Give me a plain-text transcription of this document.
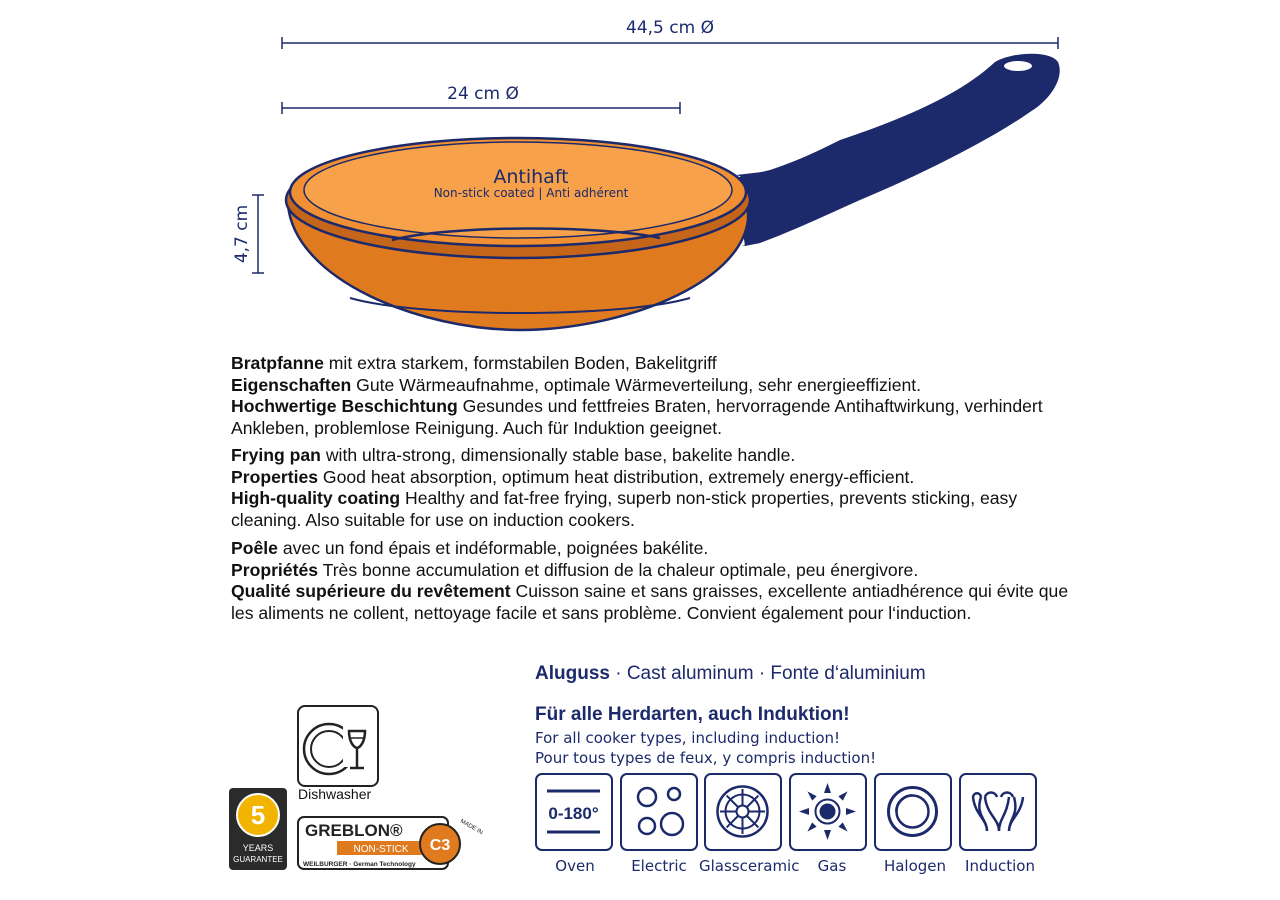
44,5 cm Ø
24 cm Ø
4,7 cm
Antihaft
Non-stick coated | Anti adhérent

Bratpfanne mit extra starkem, formstabilen Boden, Bakelitgriff

Eigenschaften Gute Wärmeaufnahme, optimale Wärmeverteilung, sehr energieeffizient.

Hochwertige Beschichtung Gesundes und fettfreies Braten, hervorragende Antihaftwirkung, verhindert Ankleben, problemlose Reinigung. Auch für Induktion geeignet.

Frying pan with ultra-strong, dimensionally stable base, bakelite handle.

Properties Good heat absorption, optimum heat distribution, extremely energy-efficient.

High-quality coating Healthy and fat-free frying, superb non-stick properties, prevents sticking, easy cleaning. Also suitable for use on induction cookers.

Poêle avec un fond épais et indéformable, poignées bakélite.

Propriétés Très bonne accumulation et diffusion de la chaleur optimale, peu énergivore.

Qualité supérieure du revêtement Cuisson saine et sans graisses, excellente antiadhérence qui évite que les aliments ne collent, nettoyage facile et sans problème. Convient également pour l‘induction.

Aluguss · Cast aluminum · Fonte d‘aluminium
Für alle Herdarten, auch Induktion!
For all cooker types, including induction!
Pour tous types de feux, y compris induction!
0-180°
Oven	Electric Glassceramic	Gas	Halogen	Induction
Dishwasher
5
YEARS
GUARANTEE
GREBLON®
NON-STICK
WEILBURGER · German Technology
C3
MADE IN
